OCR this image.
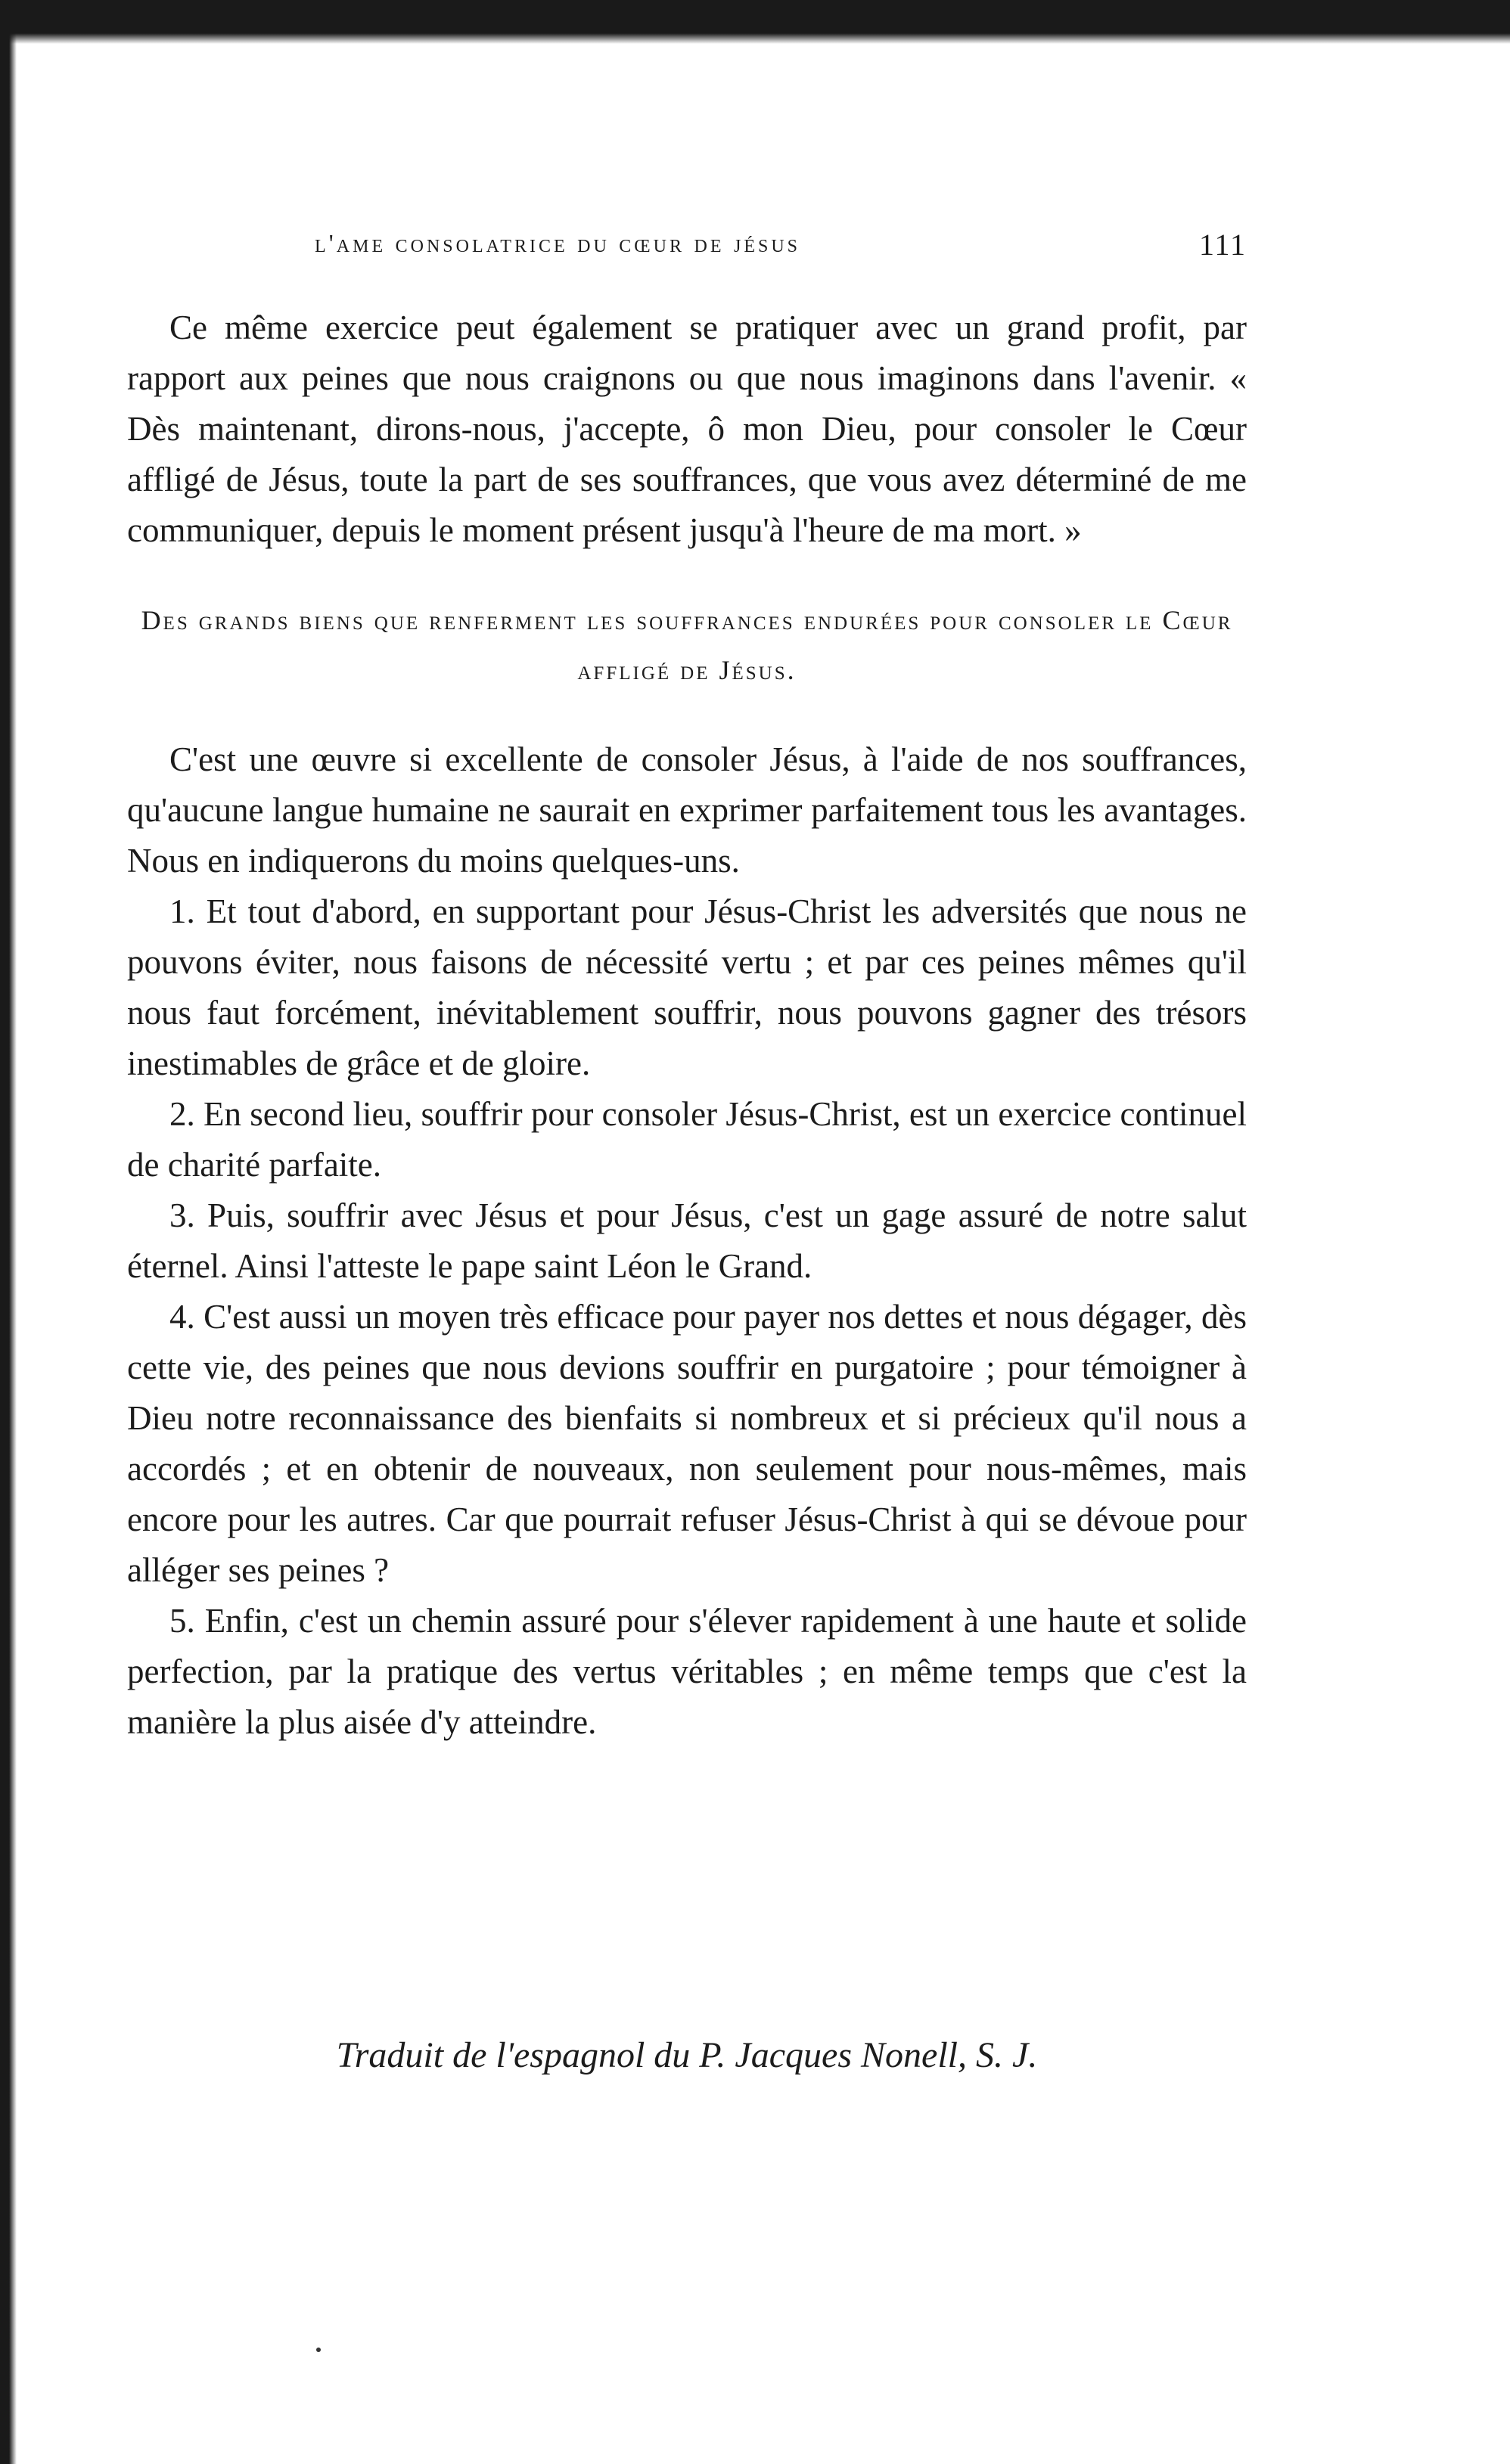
l'ame consolatrice du cœur de jésus	111

Ce même exercice peut également se pratiquer avec un grand profit, par rapport aux peines que nous craignons ou que nous imaginons dans l'avenir. « Dès maintenant, dirons-nous, j'accepte, ô mon Dieu, pour consoler le Cœur affligé de Jésus, toute la part de ses souffrances, que vous avez déterminé de me communiquer, depuis le moment présent jusqu'à l'heure de ma mort. »

Des grands biens que renferment les souffrances endurées pour consoler le Cœur affligé de Jésus.

C'est une œuvre si excellente de consoler Jésus, à l'aide de nos souffrances, qu'aucune langue humaine ne saurait en exprimer parfaitement tous les avantages. Nous en indiquerons du moins quelques-uns.

1. Et tout d'abord, en supportant pour Jésus-Christ les adversités que nous ne pouvons éviter, nous faisons de nécessité vertu ; et par ces peines mêmes qu'il nous faut forcément, inévitablement souffrir, nous pouvons gagner des trésors inestimables de grâce et de gloire.

2. En second lieu, souffrir pour consoler Jésus-Christ, est un exercice continuel de charité parfaite.

3. Puis, souffrir avec Jésus et pour Jésus, c'est un gage assuré de notre salut éternel. Ainsi l'atteste le pape saint Léon le Grand.

4. C'est aussi un moyen très efficace pour payer nos dettes et nous dégager, dès cette vie, des peines que nous devions souffrir en purgatoire ; pour témoigner à Dieu notre reconnaissance des bienfaits si nombreux et si précieux qu'il nous a accordés ; et en obtenir de nouveaux, non seulement pour nous-mêmes, mais encore pour les autres. Car que pourrait refuser Jésus-Christ à qui se dévoue pour alléger ses peines ?

5. Enfin, c'est un chemin assuré pour s'élever rapidement à une haute et solide perfection, par la pratique des vertus véritables ; en même temps que c'est la manière la plus aisée d'y atteindre.

Traduit de l'espagnol du P. Jacques Nonell, S. J.
